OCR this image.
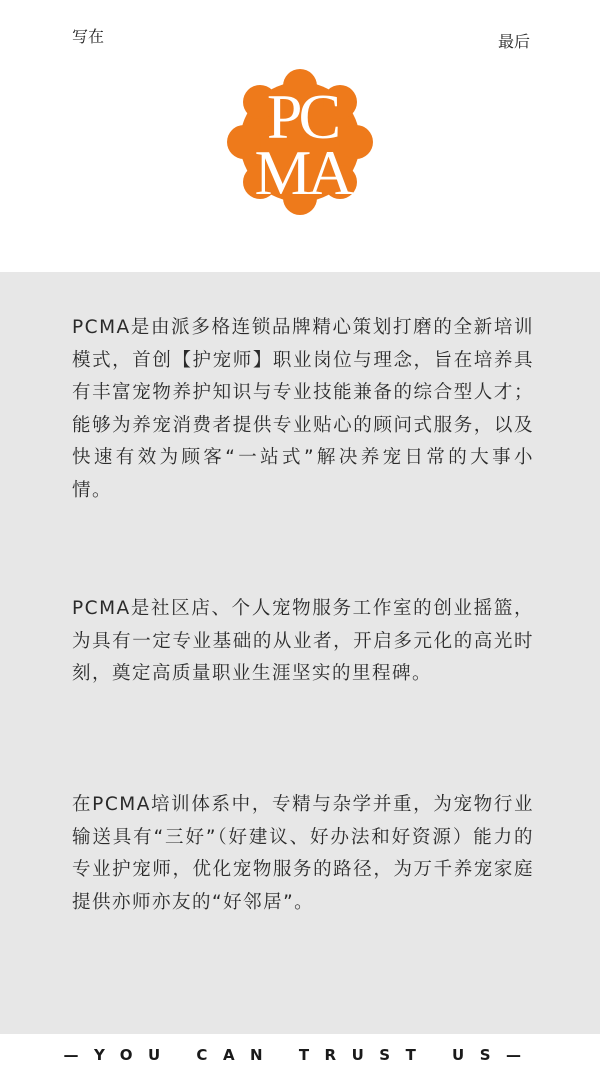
写在	最后
PC
MA

PCMA是由派多格连锁品牌精心策划打磨的全新培训模式，首创【护宠师】职业岗位与理念，旨在培养具有丰富宠物养护知识与专业技能兼备的综合型人才；能够为养宠消费者提供专业贴心的顾问式服务，以及快速有效为顾客“一站式”解决养宠日常的大事小情。

PCMA是社区店、个人宠物服务工作室的创业摇篮，为具有一定专业基础的从业者，开启多元化的高光时刻，奠定高质量职业生涯坚实的里程碑。

在PCMA培训体系中，专精与杂学并重，为宠物行业输送具有“三好”（好建议、好办法和好资源）能力的专业护宠师，优化宠物服务的路径，为万千养宠家庭提供亦师亦友的“好邻居”。

—YOU CAN TRUST US—
